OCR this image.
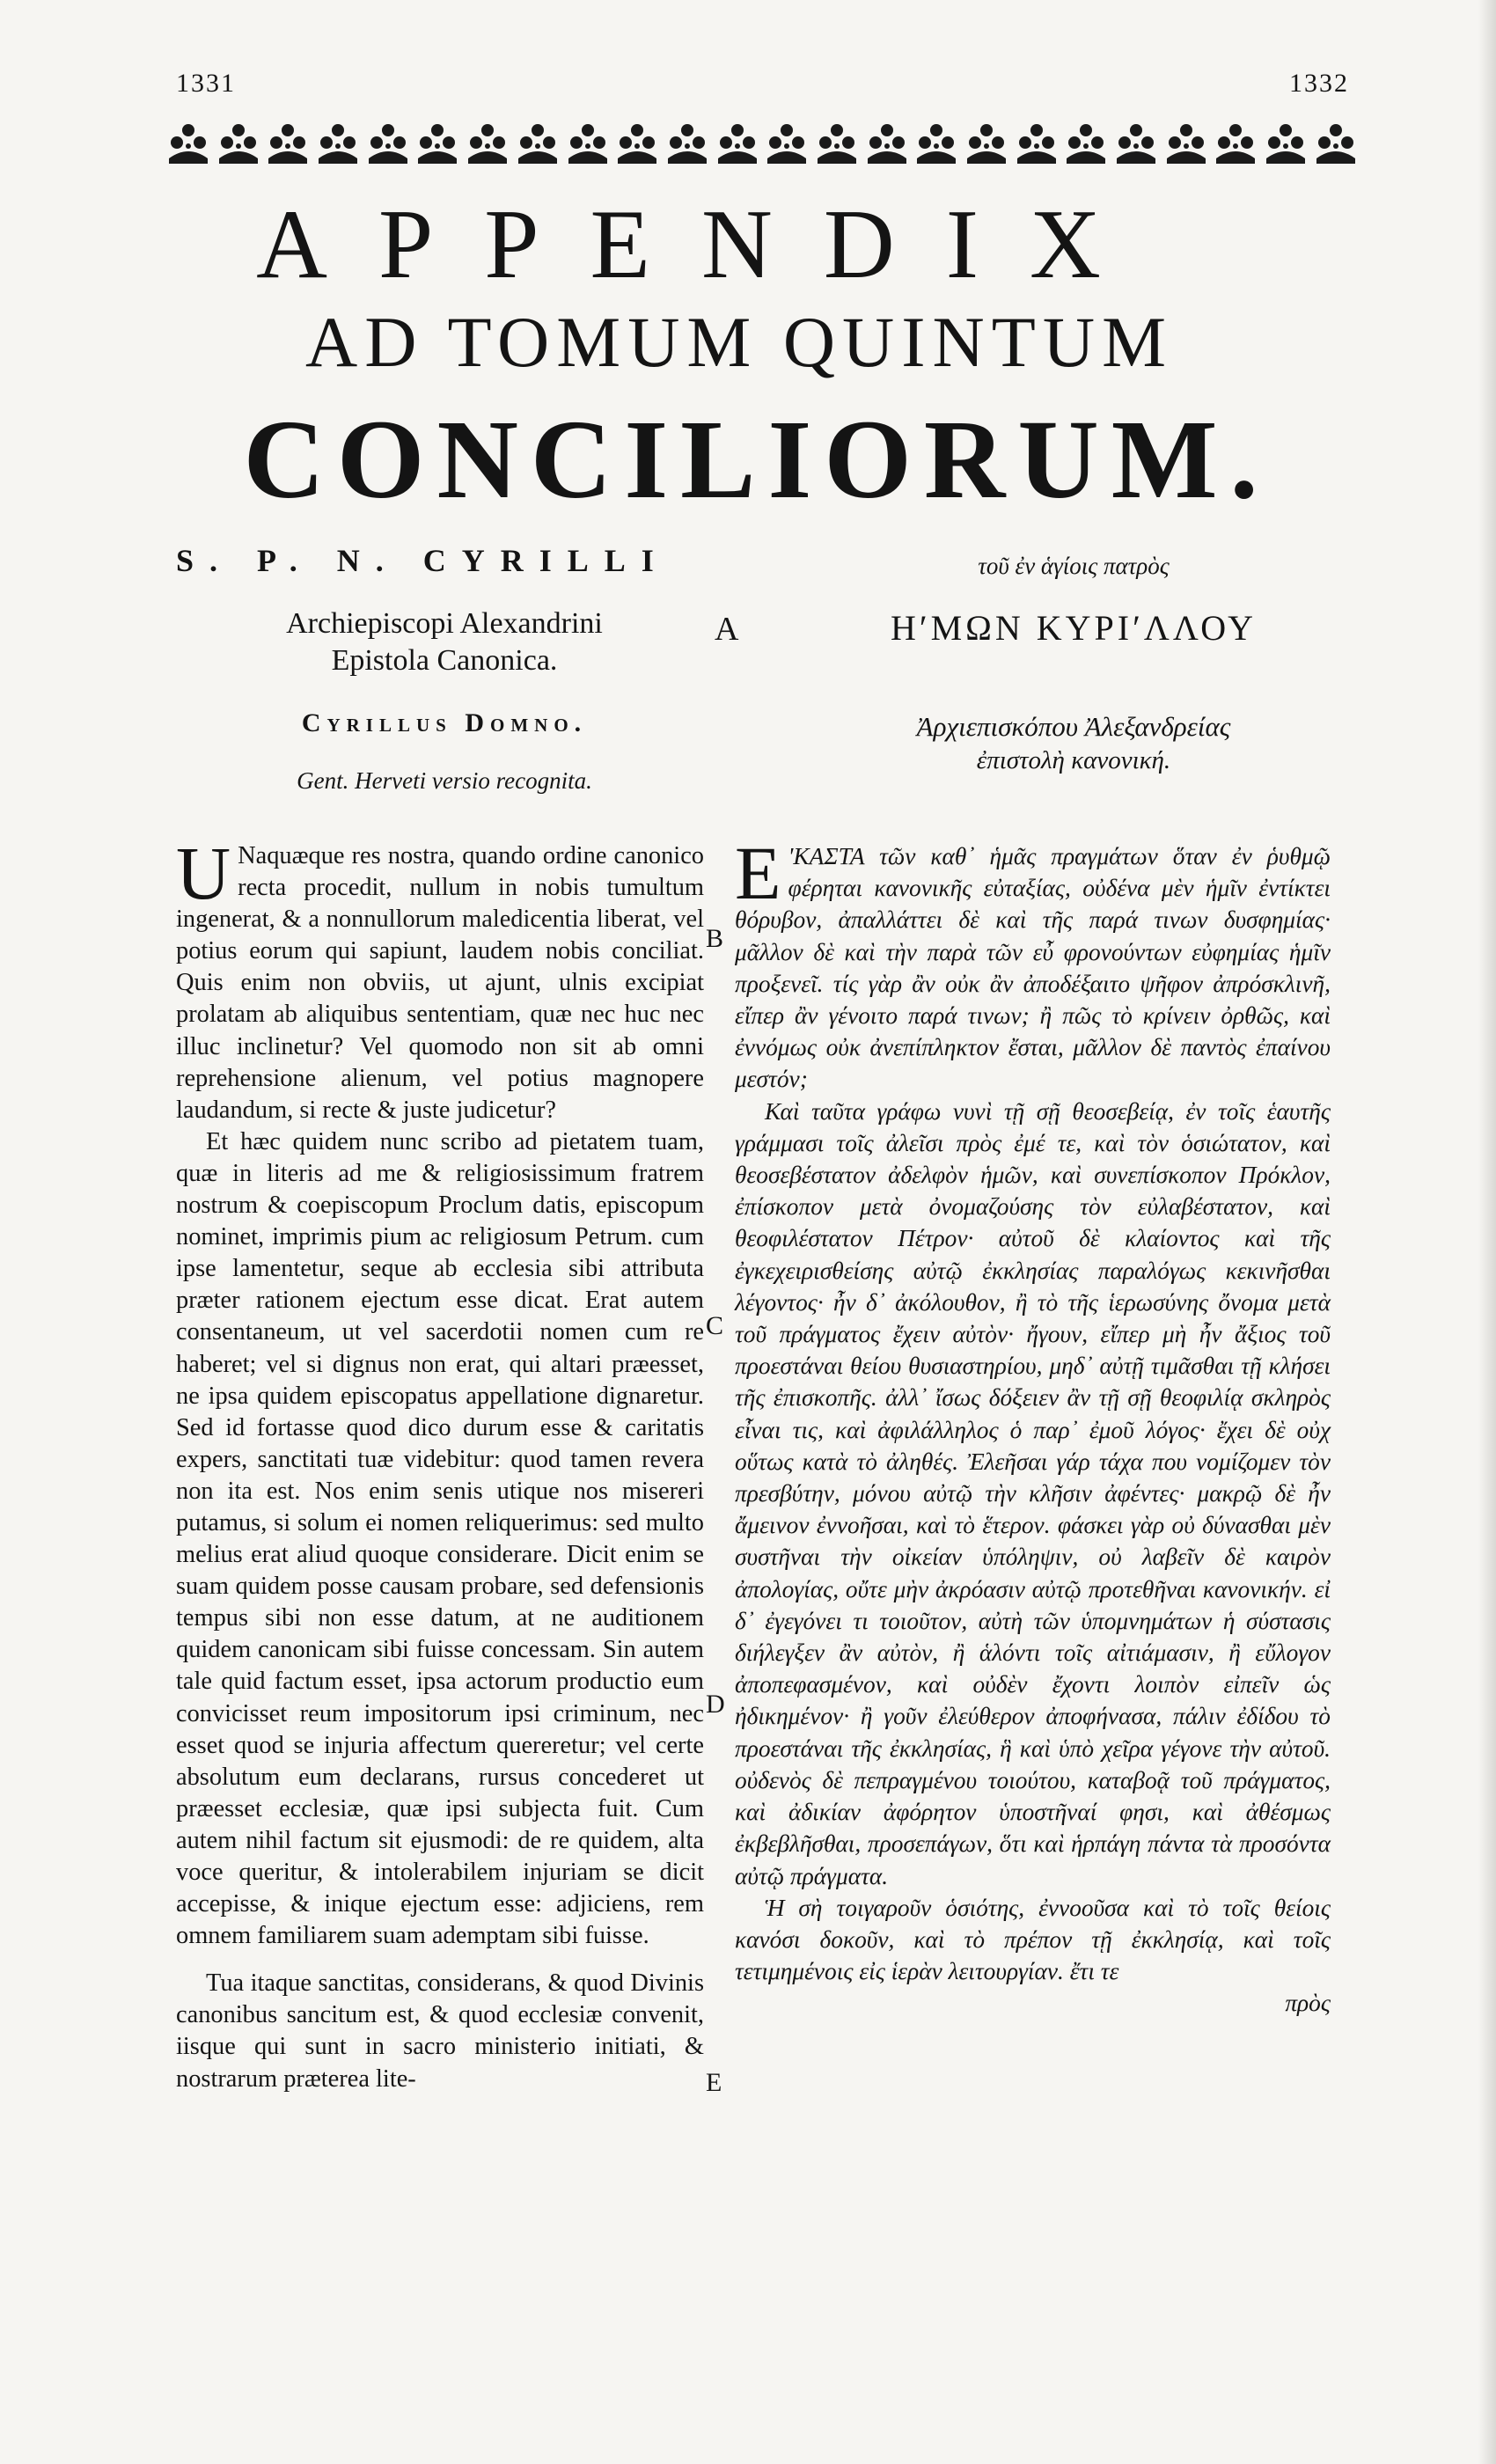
1331	1332
APPENDIX
AD TOMUM QUINTUM
CONCILIORUM.
S. P. N. CYRILLI
Archiepiscopi Alexandrini
Epistola Canonica.
Cyrillus Domno.
Gent. Herveti versio recognita.
τοῦ ἐν ἁγίοις πατρὸς
ΗʹΜΩΝ ΚΥΡΙʹΛΛΟΥ
Ἀρχιεπισκόπου Ἀλεξανδρείας
ἐπιστολὴ κανονική.
A
B
C
D
E

U Naquæque res nostra, quando ordine canonico recta procedit, nullum in nobis tumultum ingenerat, & a nonnullorum maledicentia liberat, vel potius eorum qui sapiunt, laudem nobis conciliat. Quis enim non obviis, ut ajunt, ulnis excipiat prolatam ab aliquibus sententiam, quæ nec huc nec illuc inclinetur? Vel quomodo non sit ab omni reprehensione alienum, vel potius magnopere laudandum, si recte & juste judicetur?

Et hæc quidem nunc scribo ad pietatem tuam, quæ in literis ad me & religiosissimum fratrem nostrum & coepiscopum Proclum datis, episcopum nominet, imprimis pium ac religiosum Petrum. cum ipse lamentetur, seque ab ecclesia sibi attributa præter rationem ejectum esse dicat. Erat autem consentaneum, ut vel sacerdotii nomen cum re haberet; vel si dignus non erat, qui altari præesset, ne ipsa quidem episcopatus appellatione dignaretur. Sed id fortasse quod dico durum esse & caritatis expers, sanctitati tuæ videbitur: quod tamen revera non ita est. Nos enim senis utique nos misereri putamus, si solum ei nomen reliquerimus: sed multo melius erat aliud quoque considerare. Dicit enim se suam quidem posse causam probare, sed defensionis tempus sibi non esse datum, at ne auditionem quidem canonicam sibi fuisse concessam. Sin autem tale quid factum esset, ipsa actorum productio eum convicisset reum impositorum ipsi criminum, nec esset quod se injuria affectum quereretur; vel certe absolutum eum declarans, rursus concederet ut præesset ecclesiæ, quæ ipsi subjecta fuit. Cum autem nihil factum sit ejusmodi: de re quidem, alta voce queritur, & intolerabilem injuriam se dicit accepisse, & inique ejectum esse: adjiciens, rem omnem familiarem suam ademptam sibi fuisse.

Tua itaque sanctitas, considerans, & quod Divinis canonibus sancitum est, & quod ecclesiæ convenit, iisque qui sunt in sacro ministerio initiati, & nostrarum præterea lite-

EʹΚΑΣΤΑ τῶν καθ᾽ ἡμᾶς πραγμάτων ὅταν ἐν ῥυθμῷ φέρηται κανονικῆς εὐταξίας, οὐδένα μὲν ἡμῖν ἐντίκτει θόρυβον, ἀπαλλάττει δὲ καὶ τῆς παρά τινων δυσφημίας· μᾶλλον δὲ καὶ τὴν παρὰ τῶν εὖ φρονούντων εὐφημίας ἡμῖν προξενεῖ. τίς γὰρ ἂν οὐκ ἂν ἀποδέξαιτο ψῆφον ἀπρόσκλινῆ, εἴπερ ἂν γένοιτο παρά τινων; ἢ πῶς τὸ κρίνειν ὀρθῶς, καὶ ἐννόμως οὐκ ἀνεπίπληκτον ἔσται, μᾶλλον δὲ παντὸς ἐπαίνου μεστόν;

Καὶ ταῦτα γράφω νυνὶ τῇ σῇ θεοσεβείᾳ, ἐν τοῖς ἑαυτῆς γράμμασι τοῖς ἀλεῖσι πρὸς ἐμέ τε, καὶ τὸν ὁσιώτατον, καὶ θεοσεβέστατον ἀδελφὸν ἡμῶν, καὶ συνεπίσκοπον Πρόκλον, ἐπίσκοπον μετὰ ὀνομαζούσης τὸν εὐλαβέστατον, καὶ θεοφιλέστατον Πέτρον· αὐτοῦ δὲ κλαίοντος καὶ τῆς ἐγκεχειρισθείσης αὐτῷ ἐκκλησίας παραλόγως κεκινῆσθαι λέγοντος· ἦν δ᾽ ἀκόλουθον, ἢ τὸ τῆς ἱερωσύνης ὄνομα μετὰ τοῦ πράγματος ἔχειν αὐτὸν· ἤγουν, εἴπερ μὴ ἦν ἄξιος τοῦ προεστάναι θείου θυσιαστηρίου, μηδ᾽ αὐτῇ τιμᾶσθαι τῇ κλήσει τῆς ἐπισκοπῆς. ἀλλ᾽ ἴσως δόξειεν ἂν τῇ σῇ θεοφιλίᾳ σκληρὸς εἶναι τις, καὶ ἀφιλάλληλος ὁ παρ᾽ ἐμοῦ λόγος· ἔχει δὲ οὐχ οὕτως κατὰ τὸ ἀληθές. Ἐλεῆσαι γάρ τάχα που νομίζομεν τὸν πρεσβύτην, μόνου αὐτῷ τὴν κλῆσιν ἀφέντες· μακρῷ δὲ ἦν ἄμεινον ἐννοῆσαι, καὶ τὸ ἕτερον. φάσκει γὰρ οὐ δύνασθαι μὲν συστῆναι τὴν οἰκείαν ὑπόληψιν, οὐ λαβεῖν δὲ καιρὸν ἀπολογίας, οὔτε μὴν ἀκρόασιν αὐτῷ προτεθῆναι κανονικήν. εἰ δ᾽ ἐγεγόνει τι τοιοῦτον, αὐτὴ τῶν ὑπομνημάτων ἡ σύστασις διήλεγξεν ἂν αὐτὸν, ἢ ἁλόντι τοῖς αἰτιάμασιν, ἢ εὔλογον ἀποπεφασμένον, καὶ οὐδὲν ἔχοντι λοιπὸν εἰπεῖν ὡς ἠδικημένον· ἢ γοῦν ἐλεύθερον ἀποφήνασα, πάλιν ἐδίδου τὸ προεστάναι τῆς ἐκκλησίας, ἣ καὶ ὑπὸ χεῖρα γέγονε τὴν αὐτοῦ. οὐδενὸς δὲ πεπραγμένου τοιούτου, καταβοᾷ τοῦ πράγματος, καὶ ἀδικίαν ἀφόρητον ὑποστῆναί φησι, καὶ ἀθέσμως ἐκβεβλῆσθαι, προσεπάγων, ὅτι καὶ ἡρπάγη πάντα τὰ προσόντα αὐτῷ πράγματα.

Ἡ σὴ τοιγαροῦν ὁσιότης, ἐννοοῦσα καὶ τὸ τοῖς θείοις κανόσι δοκοῦν, καὶ τὸ πρέπον τῇ ἐκκλησίᾳ, καὶ τοῖς τετιμημένοις εἰς ἱερὰν λειτουργίαν. ἔτι τε

πρὸς
